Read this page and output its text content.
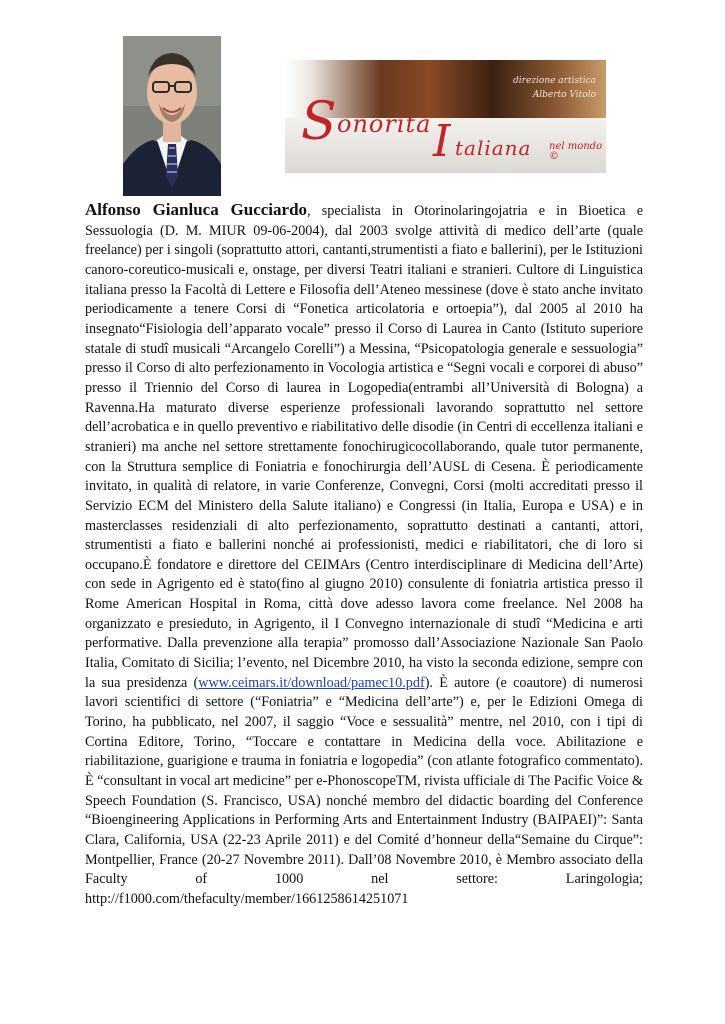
direzione artistica
Alberto Vitolo
S onorità I taliana nel mondo ©

Alfonso Gianluca Gucciardo, specialista in Otorinolaringojatria e in Bioetica e Sessuologia (D. M. MIUR 09-06-2004), dal 2003 svolge attività di medico dell’arte (quale freelance) per i singoli (soprattutto attori, cantanti,strumentisti a fiato e ballerini), per le Istituzioni canoro-coreutico-musicali e, onstage, per diversi Teatri italiani e stranieri. Cultore di Linguistica italiana presso la Facoltà di Lettere e Filosofia dell’Ateneo messinese (dove è stato anche invitato periodicamente a tenere Corsi di “Fonetica articolatoria e ortoepia”), dal 2005 al 2010 ha insegnato“Fisiologia dell’apparato vocale” presso il Corso di Laurea in Canto (Istituto superiore statale di studî musicali “Arcangelo Corelli”) a Messina, “Psicopatologia generale e sessuologia” presso il Corso di alto perfezionamento in Vocologia artistica e “Segni vocali e corporei di abuso” presso il Triennio del Corso di laurea in Logopedia(entrambi all’Università di Bologna) a Ravenna.Ha maturato diverse esperienze professionali lavorando soprattutto nel settore dell’acrobatica e in quello preventivo e riabilitativo delle disodie (in Centri di eccellenza italiani e stranieri) ma anche nel settore strettamente fonochirugicocollaborando, quale tutor permanente, con la Struttura semplice di Foniatria e fonochirurgia dell’AUSL di Cesena. È periodicamente invitato, in qualità di relatore, in varie Conferenze, Convegni, Corsi (molti accreditati presso il Servizio ECM del Ministero della Salute italiano) e Congressi (in Italia, Europa e USA) e in masterclasses residenziali di alto perfezionamento, soprattutto destinati a cantanti, attori, strumentisti a fiato e ballerini nonché ai professionisti, medici e riabilitatori, che di loro si occupano.È fondatore e direttore del CEIMArs (Centro interdisciplinare di Medicina dell’Arte) con sede in Agrigento ed è stato(fino al giugno 2010) consulente di foniatria artistica presso il Rome American Hospital in Roma, città dove adesso lavora come freelance. Nel 2008 ha organizzato e presieduto, in Agrigento, il I Convegno internazionale di studî “Medicina e arti performative. Dalla prevenzione alla terapia” promosso dall’Associazione Nazionale San Paolo Italia, Comitato di Sicilia; l’evento, nel Dicembre 2010, ha visto la seconda edizione, sempre con la sua presidenza (www.ceimars.it/download/pamec10.pdf). È autore (e coautore) di numerosi lavori scientifici di settore (“Foniatria” e “Medicina dell’arte”) e, per le Edizioni Omega di Torino, ha pubblicato, nel 2007, il saggio “Voce e sessualità” mentre, nel 2010, con i tipi di Cortina Editore, Torino, “Toccare e contattare in Medicina della voce. Abilitazione e riabilitazione, guarigione e trauma in foniatria e logopedia” (con atlante fotografico commentato). È “consultant in vocal art medicine” per e-PhonoscopeTM, rivista ufficiale di The Pacific Voice & Speech Foundation (S. Francisco, USA) nonché membro del didactic boarding del Conference “Bioengineering Applications in Performing Arts and Entertainment Industry (BAIPAEI)”: Santa Clara, California, USA (22-23 Aprile 2011) e del Comité d’honneur della“Semaine du Cirque”: Montpellier, France (20-27 Novembre 2011). Dall’08 Novembre 2010, è Membro associato della Faculty of 1000 nel settore: Laringologia; http://f1000.com/thefaculty/member/1661258614251071
